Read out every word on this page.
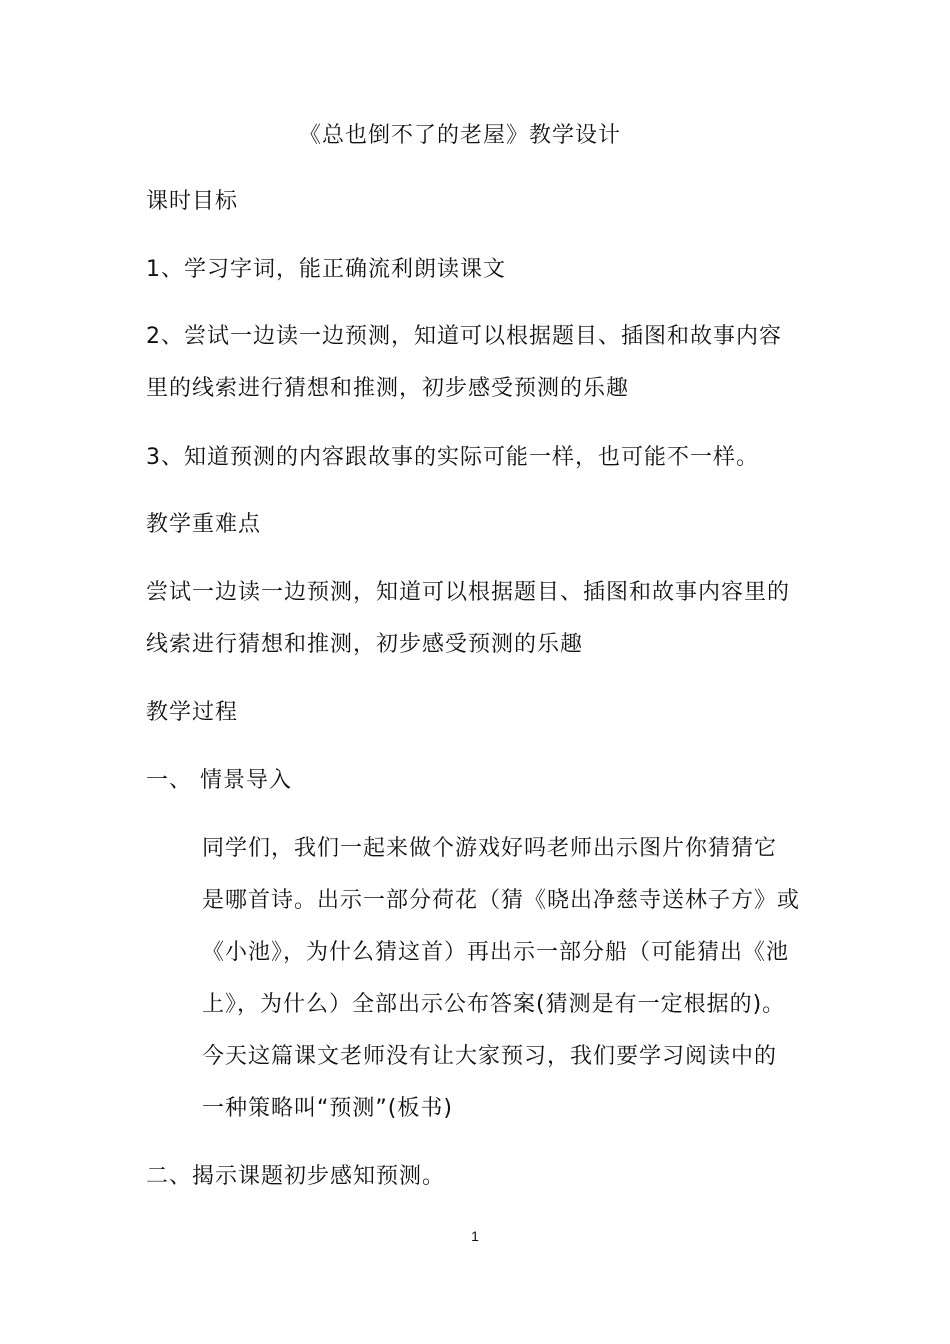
《总也倒不了的老屋》教学设计
课时目标
1、学习字词，能正确流利朗读课文
2、尝试一边读一边预测，知道可以根据题目、插图和故事内容
里的线索进行猜想和推测，初步感受预测的乐趣
3、知道预测的内容跟故事的实际可能一样，也可能不一样。
教学重难点
尝试一边读一边预测，知道可以根据题目、插图和故事内容里的
线索进行猜想和推测，初步感受预测的乐趣
教学过程
一、 情景导入
同学们，我们一起来做个游戏好吗老师出示图片你猜猜它
是哪首诗。出示一部分荷花（猜《晓出净慈寺送林子方》或
《小池》，为什么猜这首）再出示一部分船（可能猜出《池
上》，为什么）全部出示公布答案(猜测是有一定根据的)。
今天这篇课文老师没有让大家预习，我们要学习阅读中的
一种策略叫“预测”(板书)
二、揭示课题初步感知预测。
1
